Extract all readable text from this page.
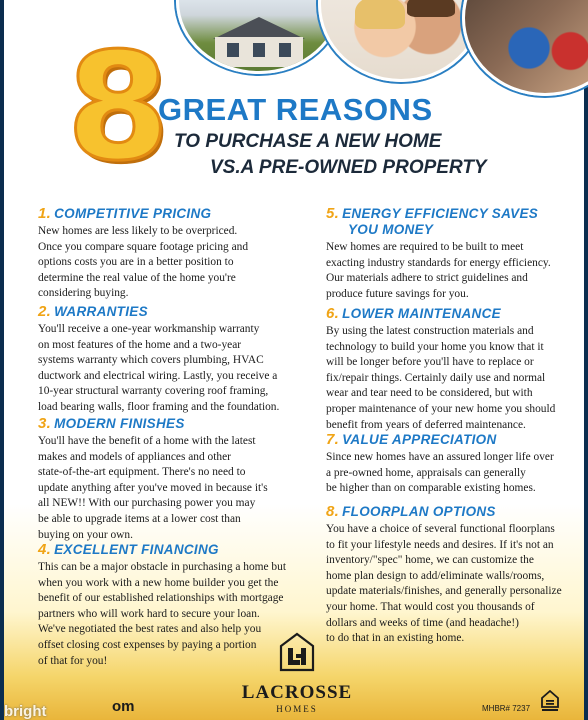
8
GREAT REASONS
TO PURCHASE A NEW HOME
VS.A PRE-OWNED PROPERTY
1. COMPETITIVE PRICING
New homes are less likely to be overpriced.
Once you compare square footage pricing and
options costs you are in a better position to
determine the real value of the home you're
considering buying.
2. WARRANTIES
You'll receive a one-year workmanship warranty
on most features of the home and a two-year
systems warranty which covers plumbing, HVAC
ductwork and electrical wiring. Lastly, you receive a
10-year structural warranty covering roof framing,
load bearing walls, floor framing and the foundation.
3. MODERN FINISHES
You'll have the benefit of a home with the latest
makes and models of appliances and other
state-of-the-art equipment. There's no need to
update anything after you've moved in because it's
all NEW!! With our purchasing power you may
be able to upgrade items at a lower cost than
buying on your own.
4. EXCELLENT FINANCING
This can be a major obstacle in purchasing a home but
when you work with a new home builder you get the
benefit of our established relationships with mortgage
partners who will work hard to secure your loan.
We've negotiated the best rates and also help you
offset closing cost expenses by paying a portion
of that for you!
5. ENERGY EFFICIENCY SAVES
YOU MONEY
New homes are required to be built to meet
exacting industry standards for energy efficiency.
Our materials adhere to strict guidelines and
produce future savings for you.
6. LOWER MAINTENANCE
By using the latest construction materials and
technology to build your home you know that it
will be longer before you'll have to replace or
fix/repair things. Certainly daily use and normal
wear and tear need to be considered, but with
proper maintenance of your new home you should
benefit from years of deferred maintenance.
7. VALUE APPRECIATION
Since new homes have an assured longer life over
a pre-owned home, appraisals can generally
be higher than on comparable existing homes.
8. FLOORPLAN OPTIONS
You have a choice of several functional floorplans
to fit your lifestyle needs and desires. If it's not an
inventory/"spec" home, we can customize the
home plan design to add/eliminate walls/rooms,
update materials/finishes, and generally personalize
your home. That would cost you thousands of
dollars and weeks of time (and headache!)
to do that in an existing home.
LACROSSE
HOMES	MHBR# 7237
om
bright
